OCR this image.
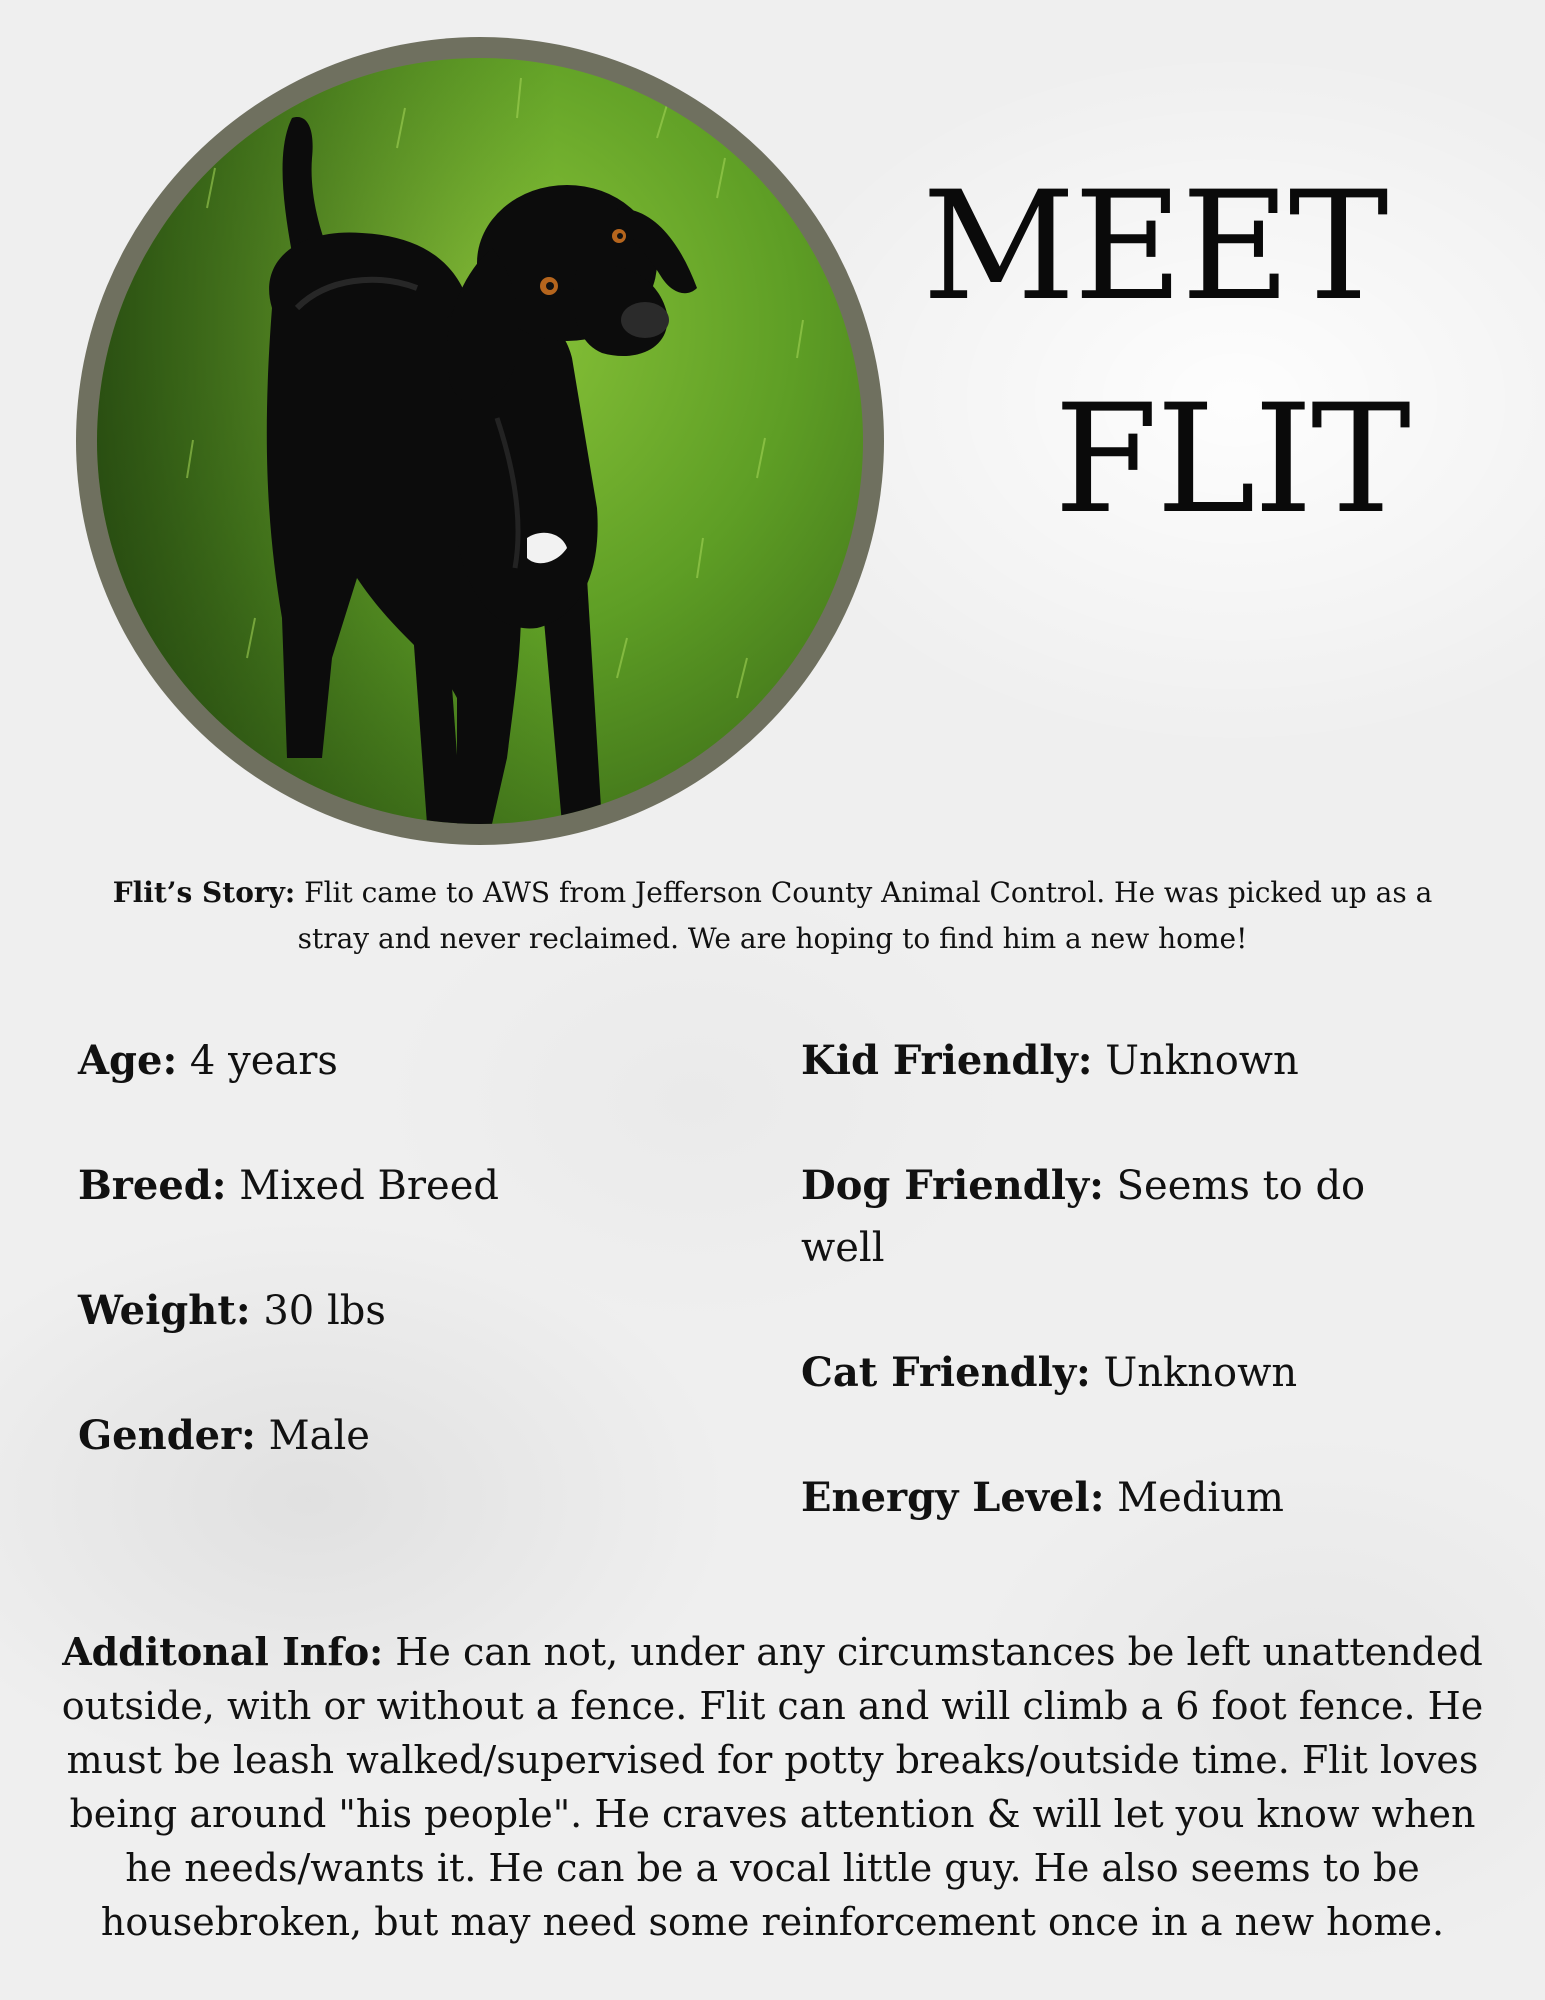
MEET
FLIT

Flit’s Story: Flit came to AWS from Jefferson County Animal Control. He was picked up as a stray and never reclaimed. We are hoping to find him a new home!

Age: 4 years

Breed: Mixed Breed

Weight: 30 lbs

Gender: Male

Kid Friendly: Unknown

Dog Friendly: Seems to do well

Cat Friendly: Unknown

Energy Level: Medium

Additonal Info: He can not, under any circumstances be left unattended outside, with or without a fence. Flit can and will climb a 6 foot fence. He must be leash walked/supervised for potty breaks/outside time. Flit loves being around "his people". He craves attention & will let you know when he needs/wants it. He can be a vocal little guy. He also seems to be housebroken, but may need some reinforcement once in a new home.
